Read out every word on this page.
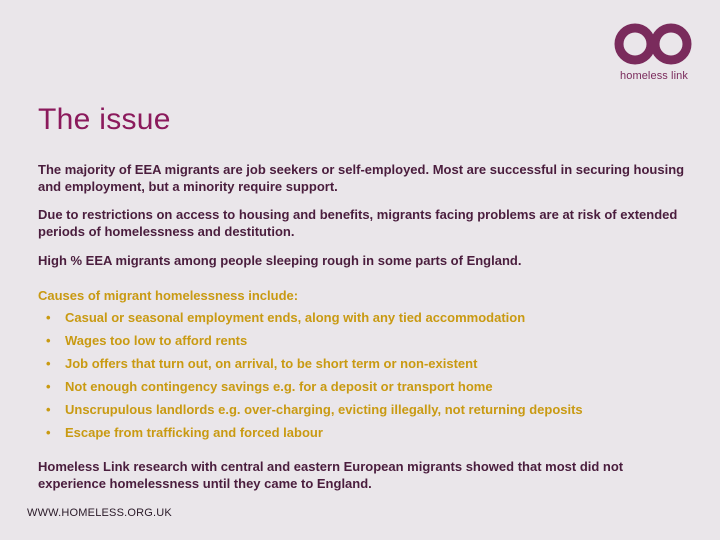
homeless link
The issue

The majority of EEA migrants are job seekers or self-employed. Most are successful in securing housing and employment, but a minority require support.

Due to restrictions on access to housing and benefits, migrants facing problems are at risk of extended periods of homelessness and destitution.

High % EEA migrants among people sleeping rough in some parts of England.

Causes of migrant homelessness include:

• Casual or seasonal employment ends, along with any tied accommodation
• Wages too low to afford rents
• Job offers that turn out, on arrival, to be short term or non-existent
• Not enough contingency savings e.g. for a deposit or transport home
• Unscrupulous landlords e.g. over-charging, evicting illegally, not returning deposits
• Escape from trafficking and forced labour

Homeless Link research with central and eastern European migrants showed that most did not experience homelessness until they came to England.

WWW.HOMELESS.ORG.UK
